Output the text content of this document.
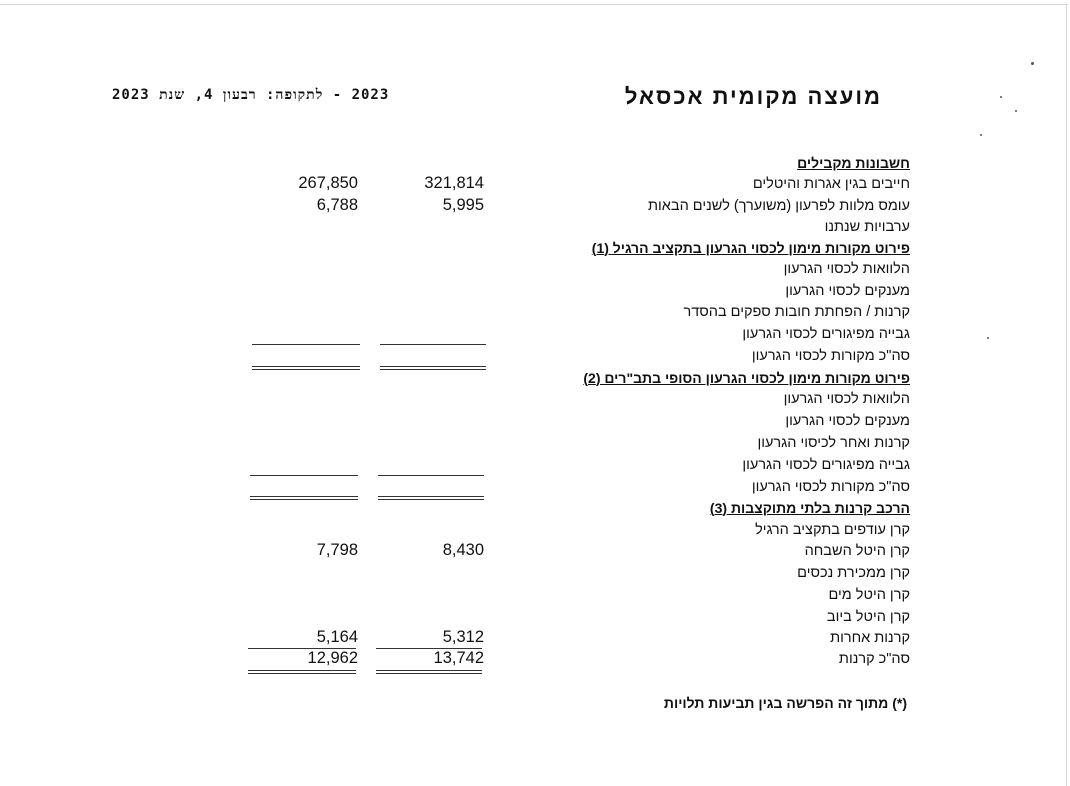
מועצה מקומית אכסאל
2023 - לתקופה: רבעון 4, שנת 2023
חשבונות מקבילים
חייבים בגין אגרות והיטלים
321,814
267,850
עומס מלוות לפרעון (משוערך) לשנים הבאות
5,995
6,788
ערבויות שנתנו
פירוט מקורות מימון לכסוי הגרעון בתקציב הרגיל (1)
הלוואות לכסוי הגרעון
מענקים לכסוי הגרעון
קרנות / הפחתת חובות ספקים בהסדר
גבייה מפיגורים לכסוי הגרעון
סה"כ מקורות לכסוי הגרעון
פירוט מקורות מימון לכסוי הגרעון הסופי בתב"רים (2)
הלוואות לכסוי הגרעון
מענקים לכסוי הגרעון
קרנות ואחר לכיסוי הגרעון
גבייה מפיגורים לכסוי הגרעון
סה"כ מקורות לכסוי הגרעון
הרכב קרנות בלתי מתוקצבות (3)
קרן עודפים בתקציב הרגיל
קרן היטל השבחה
8,430
7,798
קרן ממכירת נכסים
קרן היטל מים
קרן היטל ביוב
קרנות אחרות
5,312
5,164
סה"כ קרנות
13,742
12,962
(*) מתוך זה הפרשה בגין תביעות תלויות
